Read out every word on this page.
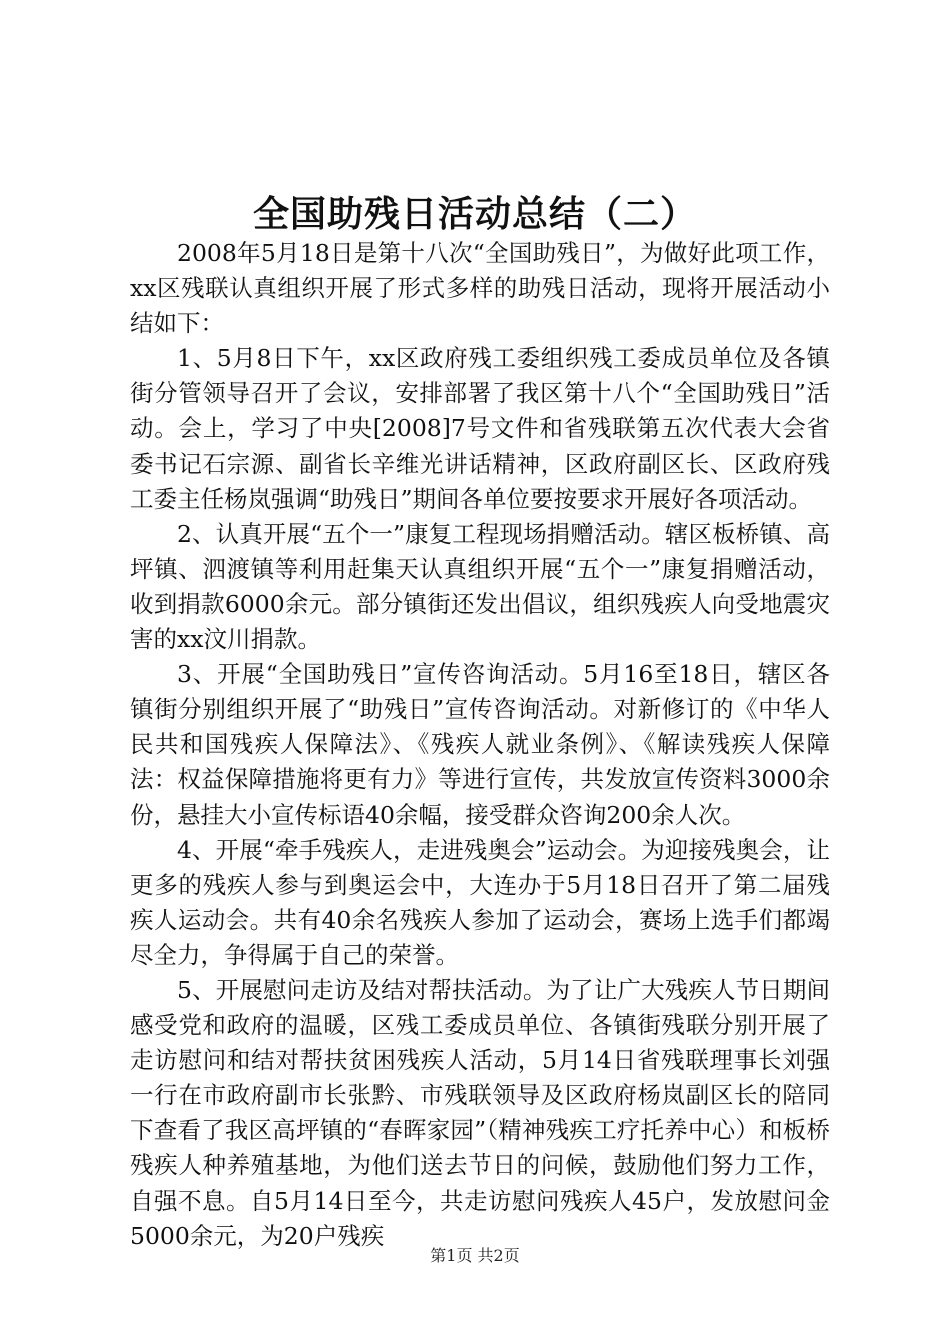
全国助残日活动总结（二）

2008年5月18日是第十八次“全国助残日”，为做好此项工作，xx区残联认真组织开展了形式多样的助残日活动，现将开展活动小结如下：

1、5月8日下午，xx区政府残工委组织残工委成员单位及各镇街分管领导召开了会议，安排部署了我区第十八个“全国助残日”活动。会上，学习了中央[2008]7号文件和省残联第五次代表大会省委书记石宗源、副省长辛维光讲话精神，区政府副区长、区政府残工委主任杨岚强调“助残日”期间各单位要按要求开展好各项活动。

2、认真开展“五个一”康复工程现场捐赠活动。辖区板桥镇、高坪镇、泗渡镇等利用赶集天认真组织开展“五个一”康复捐赠活动，收到捐款6000余元。部分镇街还发出倡议，组织残疾人向受地震灾害的xx汶川捐款。

3、开展“全国助残日”宣传咨询活动。5月16至18日，辖区各镇街分别组织开展了“助残日”宣传咨询活动。对新修订的《中华人民共和国残疾人保障法》、《残疾人就业条例》、《解读残疾人保障法：权益保障措施将更有力》等进行宣传，共发放宣传资料3000余份，悬挂大小宣传标语40余幅，接受群众咨询200余人次。

4、开展“牵手残疾人，走进残奥会”运动会。为迎接残奥会，让更多的残疾人参与到奥运会中，大连办于5月18日召开了第二届残疾人运动会。共有40余名残疾人参加了运动会，赛场上选手们都竭尽全力，争得属于自己的荣誉。

5、开展慰问走访及结对帮扶活动。为了让广大残疾人节日期间感受党和政府的温暖，区残工委成员单位、各镇街残联分别开展了走访慰问和结对帮扶贫困残疾人活动，5月14日省残联理事长刘强一行在市政府副市长张黔、市残联领导及区政府杨岚副区长的陪同下查看了我区高坪镇的“春晖家园”（精神残疾工疗托养中心）和板桥残疾人种养殖基地，为他们送去节日的问候，鼓励他们努力工作，自强不息。自5月14日至今，共走访慰问残疾人45户，发放慰问金5000余元，为20户残疾

第1页 共2页
